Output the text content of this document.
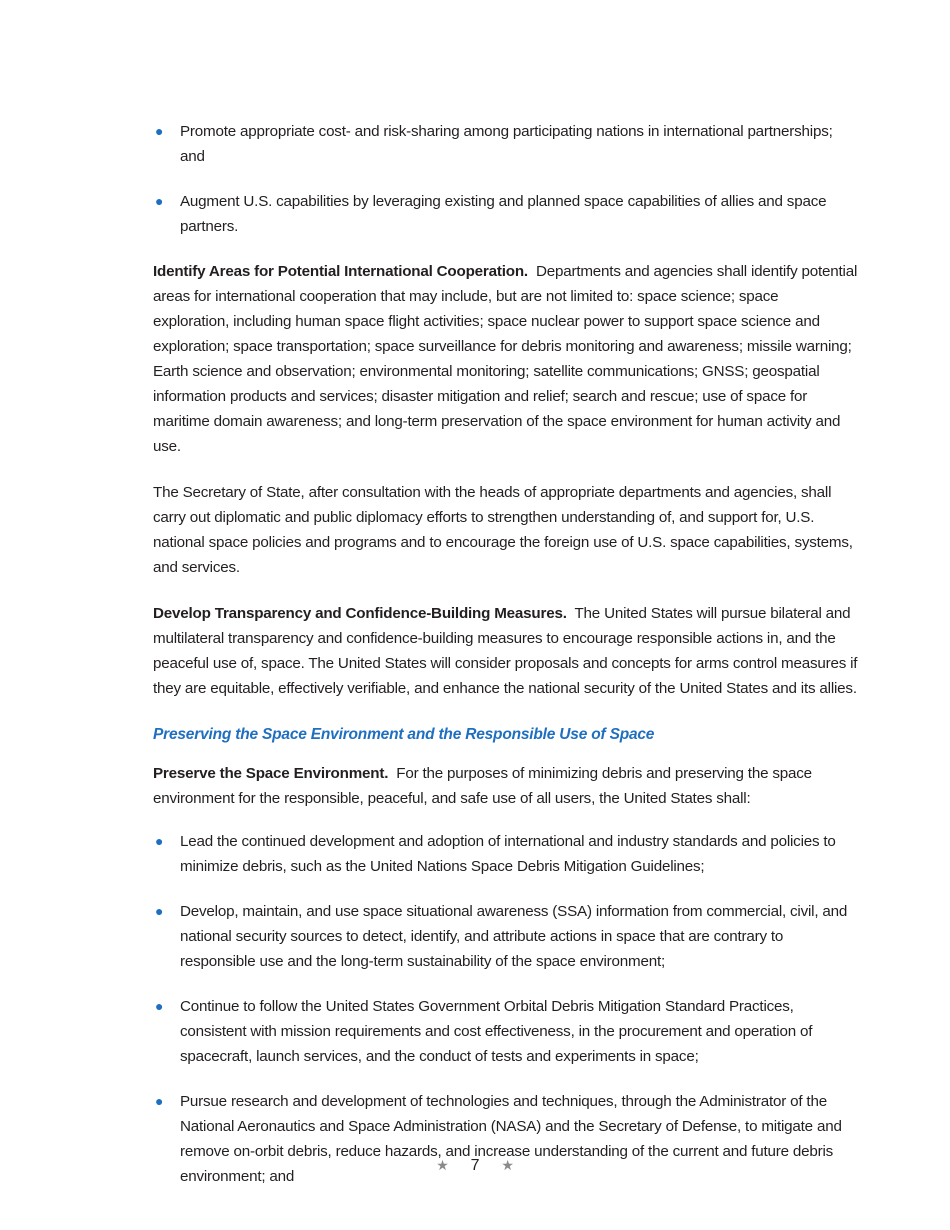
● Promote appropriate cost- and risk-sharing among participating nations in international partnerships; and
● Augment U.S. capabilities by leveraging existing and planned space capabilities of allies and space partners.

Identify Areas for Potential International Cooperation. Departments and agencies shall identify potential areas for international cooperation that may include, but are not limited to: space science; space exploration, including human space flight activities; space nuclear power to support space science and exploration; space transportation; space surveillance for debris monitoring and awareness; missile warning; Earth science and observation; environmental monitoring; satellite communications; GNSS; geospatial information products and services; disaster mitigation and relief; search and rescue; use of space for maritime domain awareness; and long-term preservation of the space environment for human activity and use.

The Secretary of State, after consultation with the heads of appropriate departments and agencies, shall carry out diplomatic and public diplomacy efforts to strengthen understanding of, and support for, U.S. national space policies and programs and to encourage the foreign use of U.S. space capabilities, systems, and services.

Develop Transparency and Confidence-Building Measures. The United States will pursue bilateral and multilateral transparency and confidence-building measures to encourage responsible actions in, and the peaceful use of, space. The United States will consider proposals and concepts for arms control measures if they are equitable, effectively verifiable, and enhance the national security of the United States and its allies.

Preserving the Space Environment and the Responsible Use of Space

Preserve the Space Environment. For the purposes of minimizing debris and preserving the space environment for the responsible, peaceful, and safe use of all users, the United States shall:

● Lead the continued development and adoption of international and industry standards and policies to minimize debris, such as the United Nations Space Debris Mitigation Guidelines;
● Develop, maintain, and use space situational awareness (SSA) information from commercial, civil, and national security sources to detect, identify, and attribute actions in space that are contrary to responsible use and the long-term sustainability of the space environment;
● Continue to follow the United States Government Orbital Debris Mitigation Standard Practices, consistent with mission requirements and cost effectiveness, in the procurement and operation of spacecraft, launch services, and the conduct of tests and experiments in space;
● Pursue research and development of technologies and techniques, through the Administrator of the National Aeronautics and Space Administration (NASA) and the Secretary of Defense, to mitigate and remove on-orbit debris, reduce hazards, and increase understanding of the current and future debris environment; and
★ 7 ★
